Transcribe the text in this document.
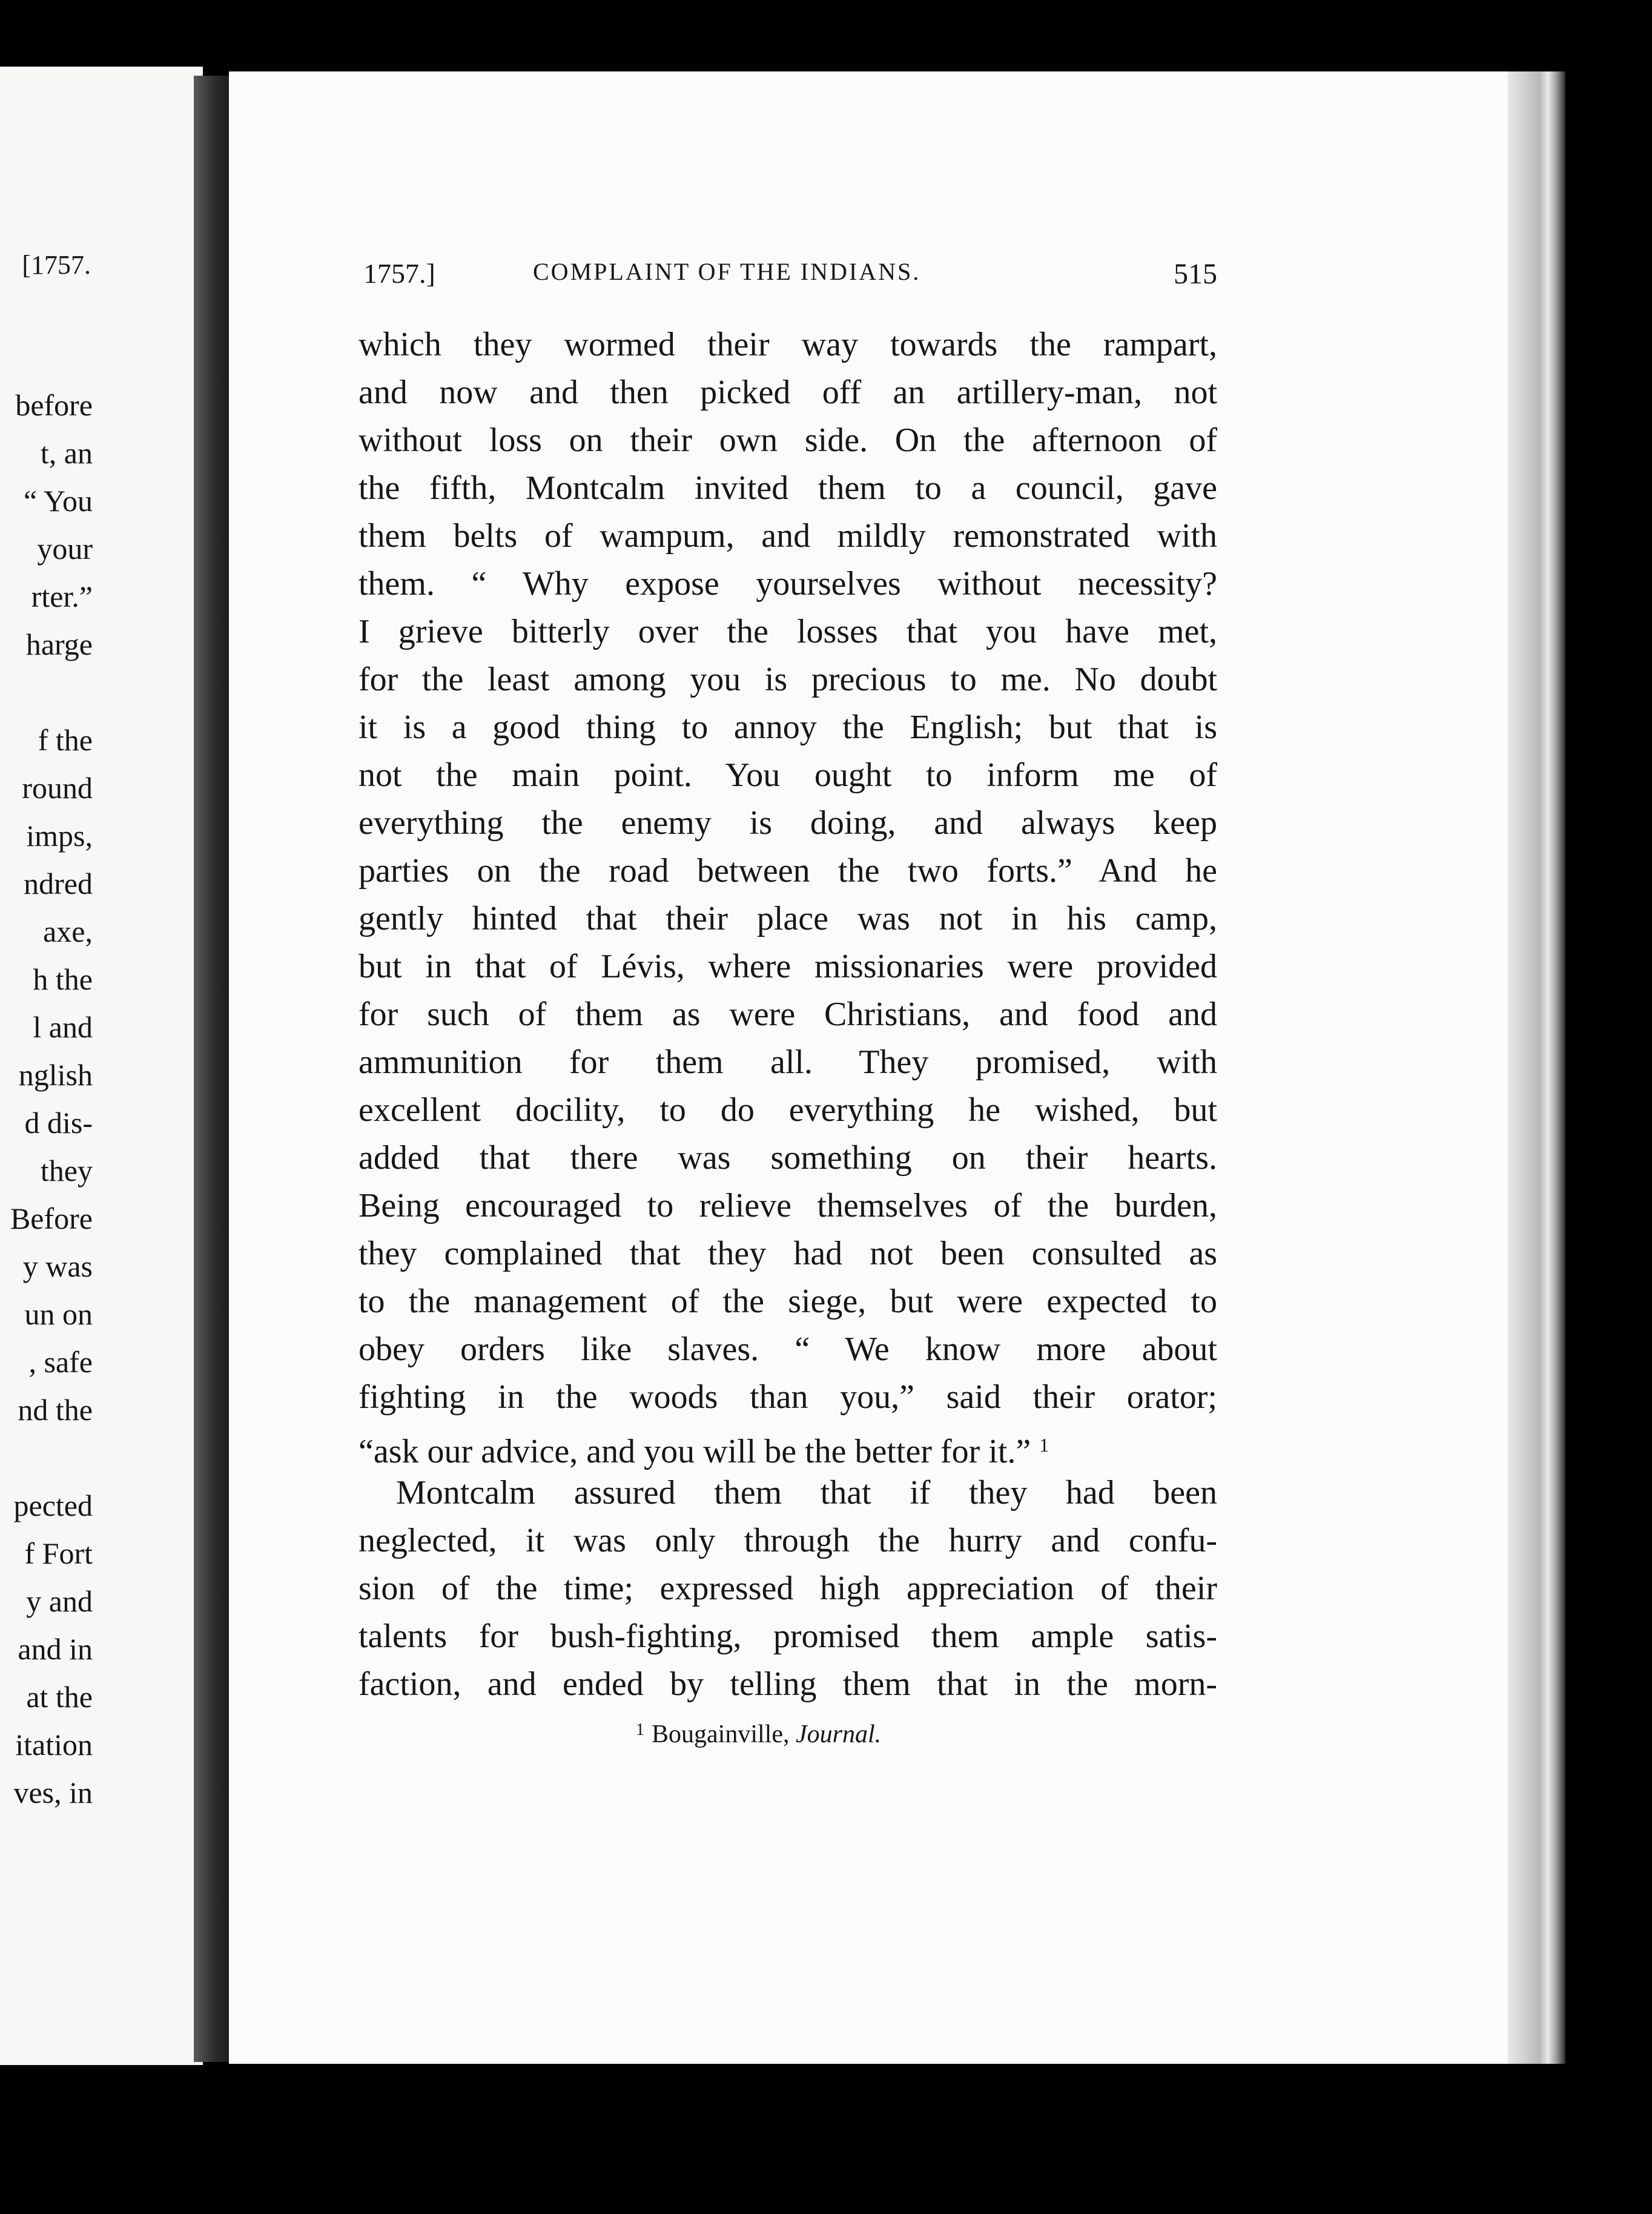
[1757.
before
t, an
“ You
your
rter.”
harge
f the
round
imps,
ndred
axe,
h the
l and
nglish
d dis-
they
Before
y was
un on
, safe
nd the
pected
f Fort
y and
and in
at the
itation
ves, in
1757.]	COMPLAINT OF THE INDIANS.	515

which they wormed their way towards the rampart,

and now and then picked off an artillery-man, not

without loss on their own side. On the afternoon of

the fifth, Montcalm invited them to a council, gave

them belts of wampum, and mildly remonstrated with

them. “ Why expose yourselves without necessity?

I grieve bitterly over the losses that you have met,

for the least among you is precious to me. No doubt

it is a good thing to annoy the English; but that is

not the main point. You ought to inform me of

everything the enemy is doing, and always keep

parties on the road between the two forts.” And he

gently hinted that their place was not in his camp,

but in that of Lévis, where missionaries were provided

for such of them as were Christians, and food and

ammunition for them all. They promised, with

excellent docility, to do everything he wished, but

added that there was something on their hearts.

Being encouraged to relieve themselves of the burden,

they complained that they had not been consulted as

to the management of the siege, but were expected to

obey orders like slaves. “ We know more about

fighting in the woods than you,” said their orator;

“ask our advice, and you will be the better for it.” $^1$

Montcalm assured them that if they had been

neglected, it was only through the hurry and confu-

sion of the time; expressed high appreciation of their

talents for bush-fighting, promised them ample satis-

faction, and ended by telling them that in the morn-

$^1$ Bougainville, Journal.
